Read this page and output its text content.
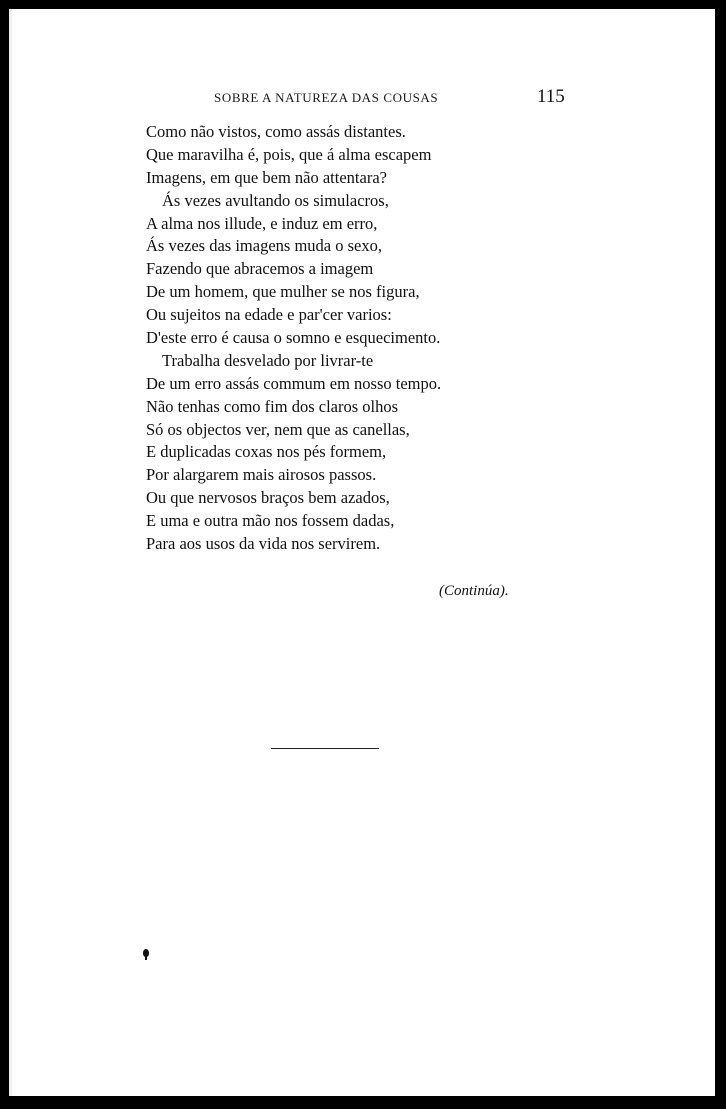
SOBRE A NATUREZA DAS COUSAS	115
Como não vistos, como assás distantes.
Que maravilha é, pois, que á alma escapem
Imagens, em que bem não attentara?
Ás vezes avultando os simulacros,
A alma nos illude, e induz em erro,
Ás vezes das imagens muda o sexo,
Fazendo que abracemos a imagem
De um homem, que mulher se nos figura,
Ou sujeitos na edade e par'cer varios:
D'este erro é causa o somno e esquecimento.
Trabalha desvelado por livrar-te
De um erro assás commum em nosso tempo.
Não tenhas como fim dos claros olhos
Só os objectos ver, nem que as canellas,
E duplicadas coxas nos pés formem,
Por alargarem mais airosos passos.
Ou que nervosos braços bem azados,
E uma e outra mão nos fossem dadas,
Para aos usos da vida nos servirem.
(Continúa).
